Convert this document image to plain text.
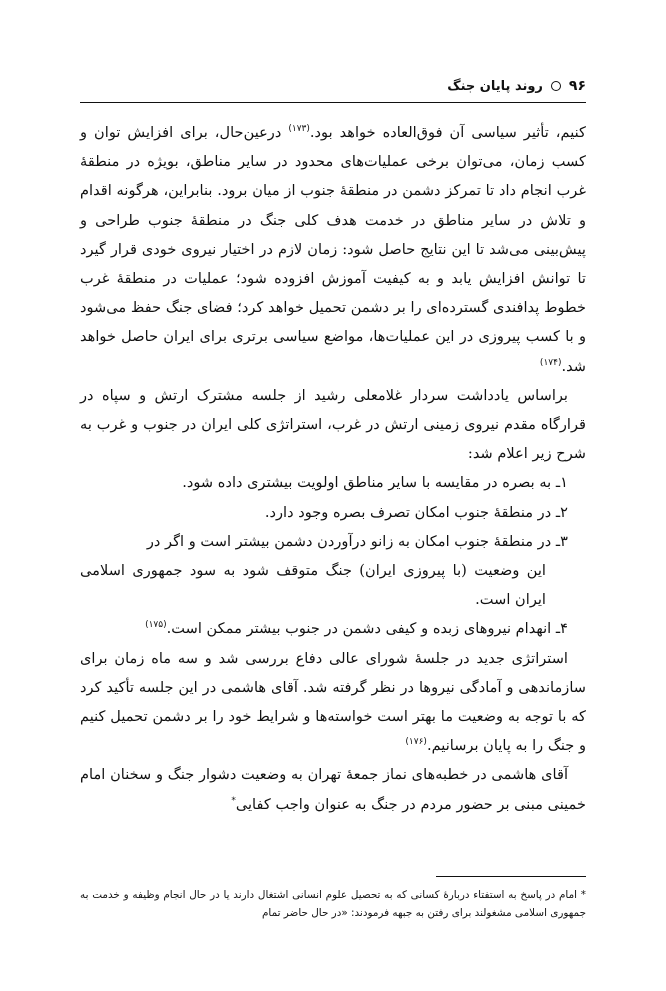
۹۶
روند پایان جنگ

کنیم، تأثیر سیاسی آن فوق‌العاده خواهد بود.$^{(۱۷۳)}$ درعین‌حال، برای افزایش توان و کسب زمان، می‌توان برخی عملیات‌های محدود در سایر مناطق، بویژه در منطقهٔ غرب انجام داد تا تمرکز دشمن در منطقهٔ جنوب از میان برود. بنابراین، هرگونه اقدام و تلاش در سایر مناطق در خدمت هدف کلی جنگ در منطقهٔ جنوب طراحی و پیش‌بینی می‌شد تا این نتایج حاصل شود: زمان لازم در اختیار نیروی خودی قرار گیرد تا توانش افزایش یابد و به کیفیت آموزش افزوده شود؛ عملیات در منطقهٔ غرب خطوط پدافندی گسترده‌ای را بر دشمن تحمیل خواهد کرد؛ فضای جنگ حفظ می‌شود و با کسب پیروزی در این عملیات‌ها، مواضع سیاسی برتری برای ایران حاصل خواهد شد.$^{(۱۷۴)}$

براساس یادداشت سردار غلامعلی رشید از جلسه مشترک ارتش و سپاه در قرارگاه مقدم نیروی زمینی ارتش در غرب، استراتژی کلی ایران در جنوب و غرب به شرح زیر اعلام شد:

۱ـ به بصره در مقایسه با سایر مناطق اولویت بیشتری داده شود.

۲ـ در منطقهٔ جنوب امکان تصرف بصره وجود دارد.

۳ـ در منطقهٔ جنوب امکان به زانو درآوردن دشمن بیشتر است و اگر در

این وضعیت (با پیروزی ایران) جنگ متوقف شود به سود جمهوری اسلامی ایران است.

۴ـ انهدام نیروهای زبده و کیفی دشمن در جنوب بیشتر ممکن است.$^{(۱۷۵)}$

استراتژی جدید در جلسهٔ شورای عالی دفاع بررسی شد و سه ماه زمان برای سازماندهی و آمادگی نیروها در نظر گرفته شد. آقای هاشمی در این جلسه تأکید کرد که با توجه به وضعیت ما بهتر است خواسته‌ها و شرایط خود را بر دشمن تحمیل کنیم و جنگ را به پایان برسانیم.$^{(۱۷۶)}$

آقای هاشمی در خطبه‌های نماز جمعهٔ تهران به وضعیت دشوار جنگ و سخنان امام خمینی مبنی بر حضور مردم در جنگ به عنوان واجب کفایی*

* امام در پاسخ به استفتاء دربارهٔ کسانی که به تحصیل علوم انسانی اشتغال دارند یا در حال انجام وظیفه و خدمت به جمهوری اسلامی مشغولند برای رفتن به جبهه فرمودند: «در حال حاضر تمام
